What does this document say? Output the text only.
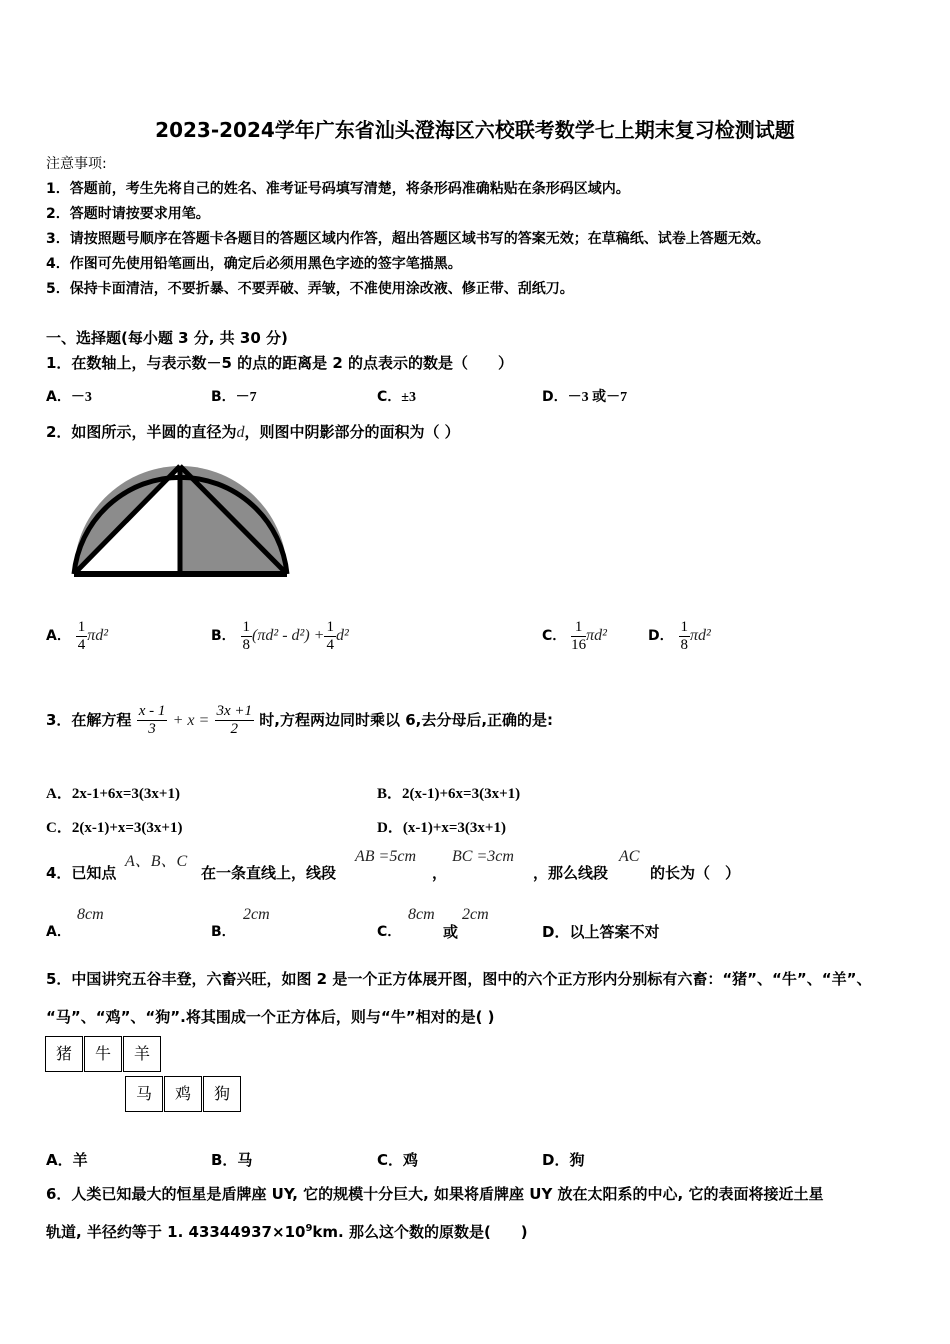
2023-2024学年广东省汕头澄海区六校联考数学七上期末复习检测试题
注意事项:
1．答题前，考生先将自己的姓名、准考证号码填写清楚，将条形码准确粘贴在条形码区域内。
2．答题时请按要求用笔。
3．请按照题号顺序在答题卡各题目的答题区域内作答，超出答题区域书写的答案无效；在草稿纸、试卷上答题无效。
4．作图可先使用铅笔画出，确定后必须用黑色字迹的签字笔描黑。
5．保持卡面清洁，不要折暴、不要弄破、弄皱，不准使用涂改液、修正带、刮纸刀。
一、选择题(每小题 3 分, 共 30 分)
1．在数轴上，与表示数－5 的点的距离是 2 的点表示的数是（　　）
A．－3	B．－7	C．±3	D．－3 或－7
2．如图所示，半圆的直径为d，则图中阴影部分的面积为（ ）
A． $\frac{1}{4} \pi d^2$	B． $\frac{1}{8} (\pi d^2 - d^2) + \frac{1}{4} d^2$	C． $\frac{1}{16} \pi d^2$	D． $\frac{1}{8} \pi d^2$
3．在解方程 $\frac{x - 1}{3} + x = \frac{3x +1}{2}$ 时,方程两边同时乘以 6,去分母后,正确的是:
A．2x-1+6x=3(3x+1)	B．2(x-1)+6x=3(3x+1)
C．2(x-1)+x=3(3x+1)	D．(x-1)+x=3(3x+1)
4．已知点
A、B、C
在一条直线上，线段
AB =5cm
，
BC =3cm
，那么线段
AC
的长为（　）
A．
8cm
B．
2cm
C．
8cm
或
2cm
D．以上答案不对
5．中国讲究五谷丰登，六畜兴旺，如图 2 是一个正方体展开图，图中的六个正方形内分别标有六畜：“猪”、“牛”、“羊”、
“马”、“鸡”、“狗”.将其围成一个正方体后，则与“牛”相对的是( )
猪	牛	羊
马	鸡	狗
A．羊	B．马	C．鸡	D．狗
6．人类已知最大的恒星是盾牌座 UY, 它的规模十分巨大, 如果将盾牌座 UY 放在太阳系的中心, 它的表面将接近土星
轨道, 半径约等于 1. $43344937\times 10^9km$. 那么这个数的原数是(　　)
